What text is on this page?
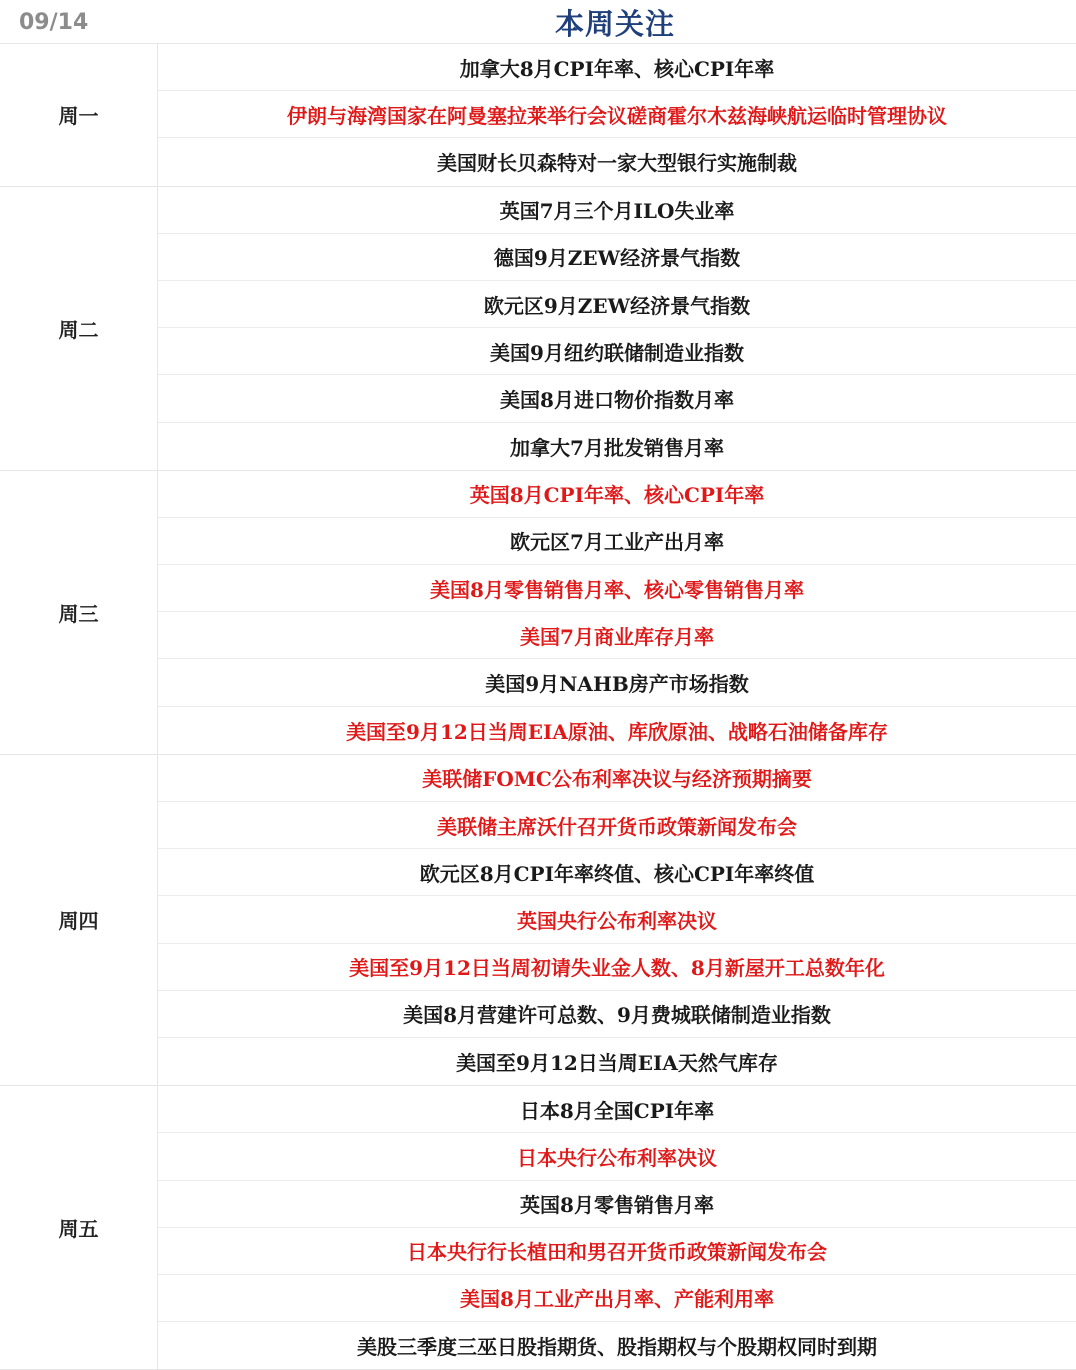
09/14	本周关注
周一
加拿大8月CPI年率、核心CPI年率
伊朗与海湾国家在阿曼塞拉莱举行会议磋商霍尔木兹海峡航运临时管理协议
美国财长贝森特对一家大型银行实施制裁
周二
英国7月三个月ILO失业率
德国9月ZEW经济景气指数
欧元区9月ZEW经济景气指数
美国9月纽约联储制造业指数
美国8月进口物价指数月率
加拿大7月批发销售月率
周三
英国8月CPI年率、核心CPI年率
欧元区7月工业产出月率
美国8月零售销售月率、核心零售销售月率
美国7月商业库存月率
美国9月NAHB房产市场指数
美国至9月12日当周EIA原油、库欣原油、战略石油储备库存
周四
美联储FOMC公布利率决议与经济预期摘要
美联储主席沃什召开货币政策新闻发布会
欧元区8月CPI年率终值、核心CPI年率终值
英国央行公布利率决议
美国至9月12日当周初请失业金人数、8月新屋开工总数年化
美国8月营建许可总数、9月费城联储制造业指数
美国至9月12日当周EIA天然气库存
周五
日本8月全国CPI年率
日本央行公布利率决议
英国8月零售销售月率
日本央行行长植田和男召开货币政策新闻发布会
美国8月工业产出月率、产能利用率
美股三季度三巫日股指期货、股指期权与个股期权同时到期
